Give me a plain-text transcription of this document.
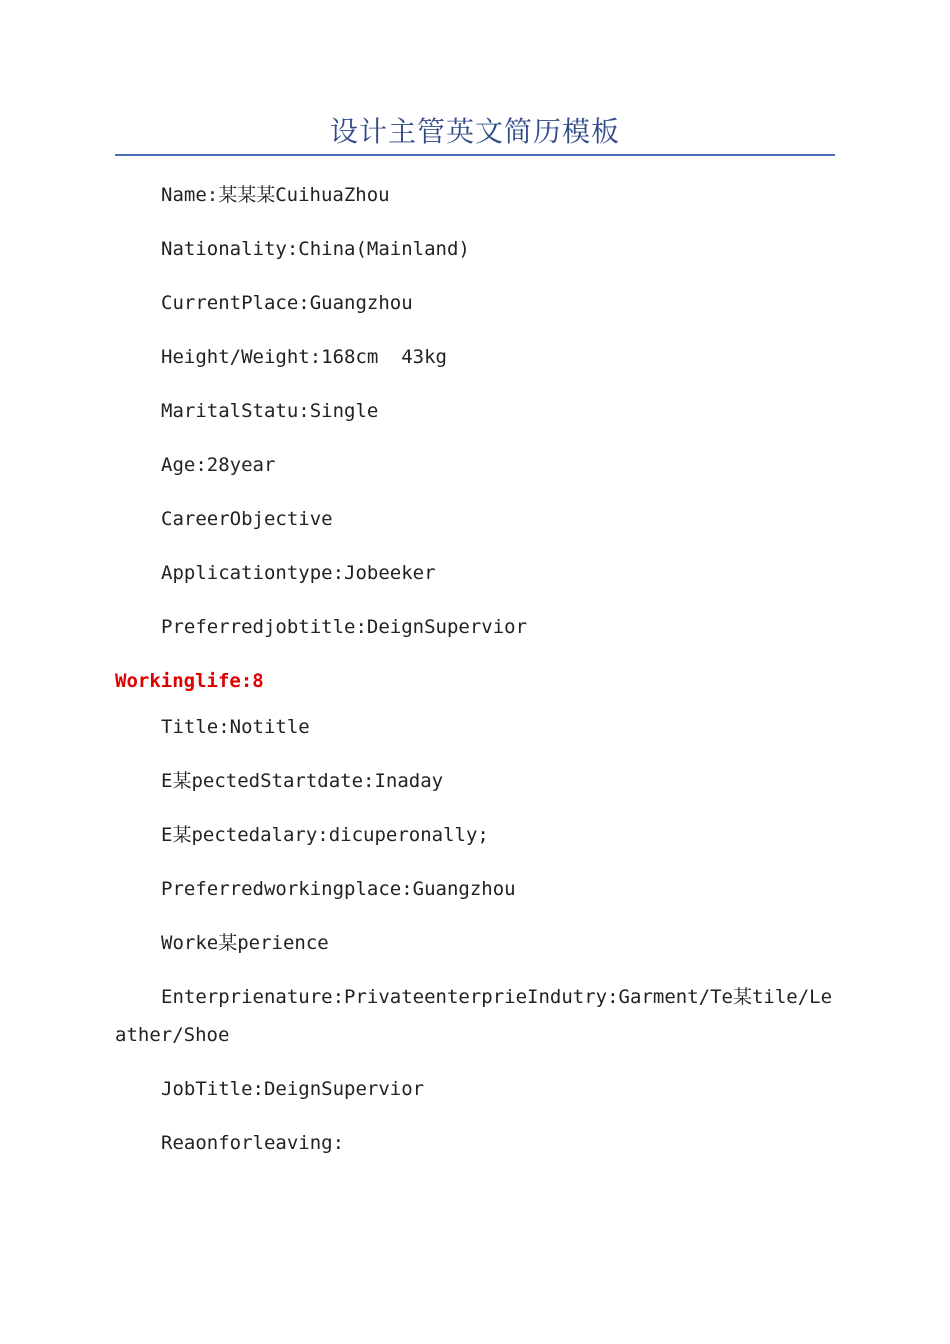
设计主管英文简历模板
Name:某某某CuihuaZhou
Nationality:China(Mainland)
CurrentPlace:Guangzhou
Height/Weight:168cm  43kg
MaritalStatu:Single
Age:28year
CareerObjective
Applicationtype:Jobeeker
Preferredjobtitle:DeignSupervior
Workinglife:8
Title:Notitle
E某pectedStartdate:Inaday
E某pectedalary:dicuperonally;
Preferredworkingplace:Guangzhou
Worke某perience
Enterprienature:PrivateenterprieIndutry:Garment/Te某tile/Leather/Shoe
JobTitle:DeignSupervior
Reaonforleaving:
